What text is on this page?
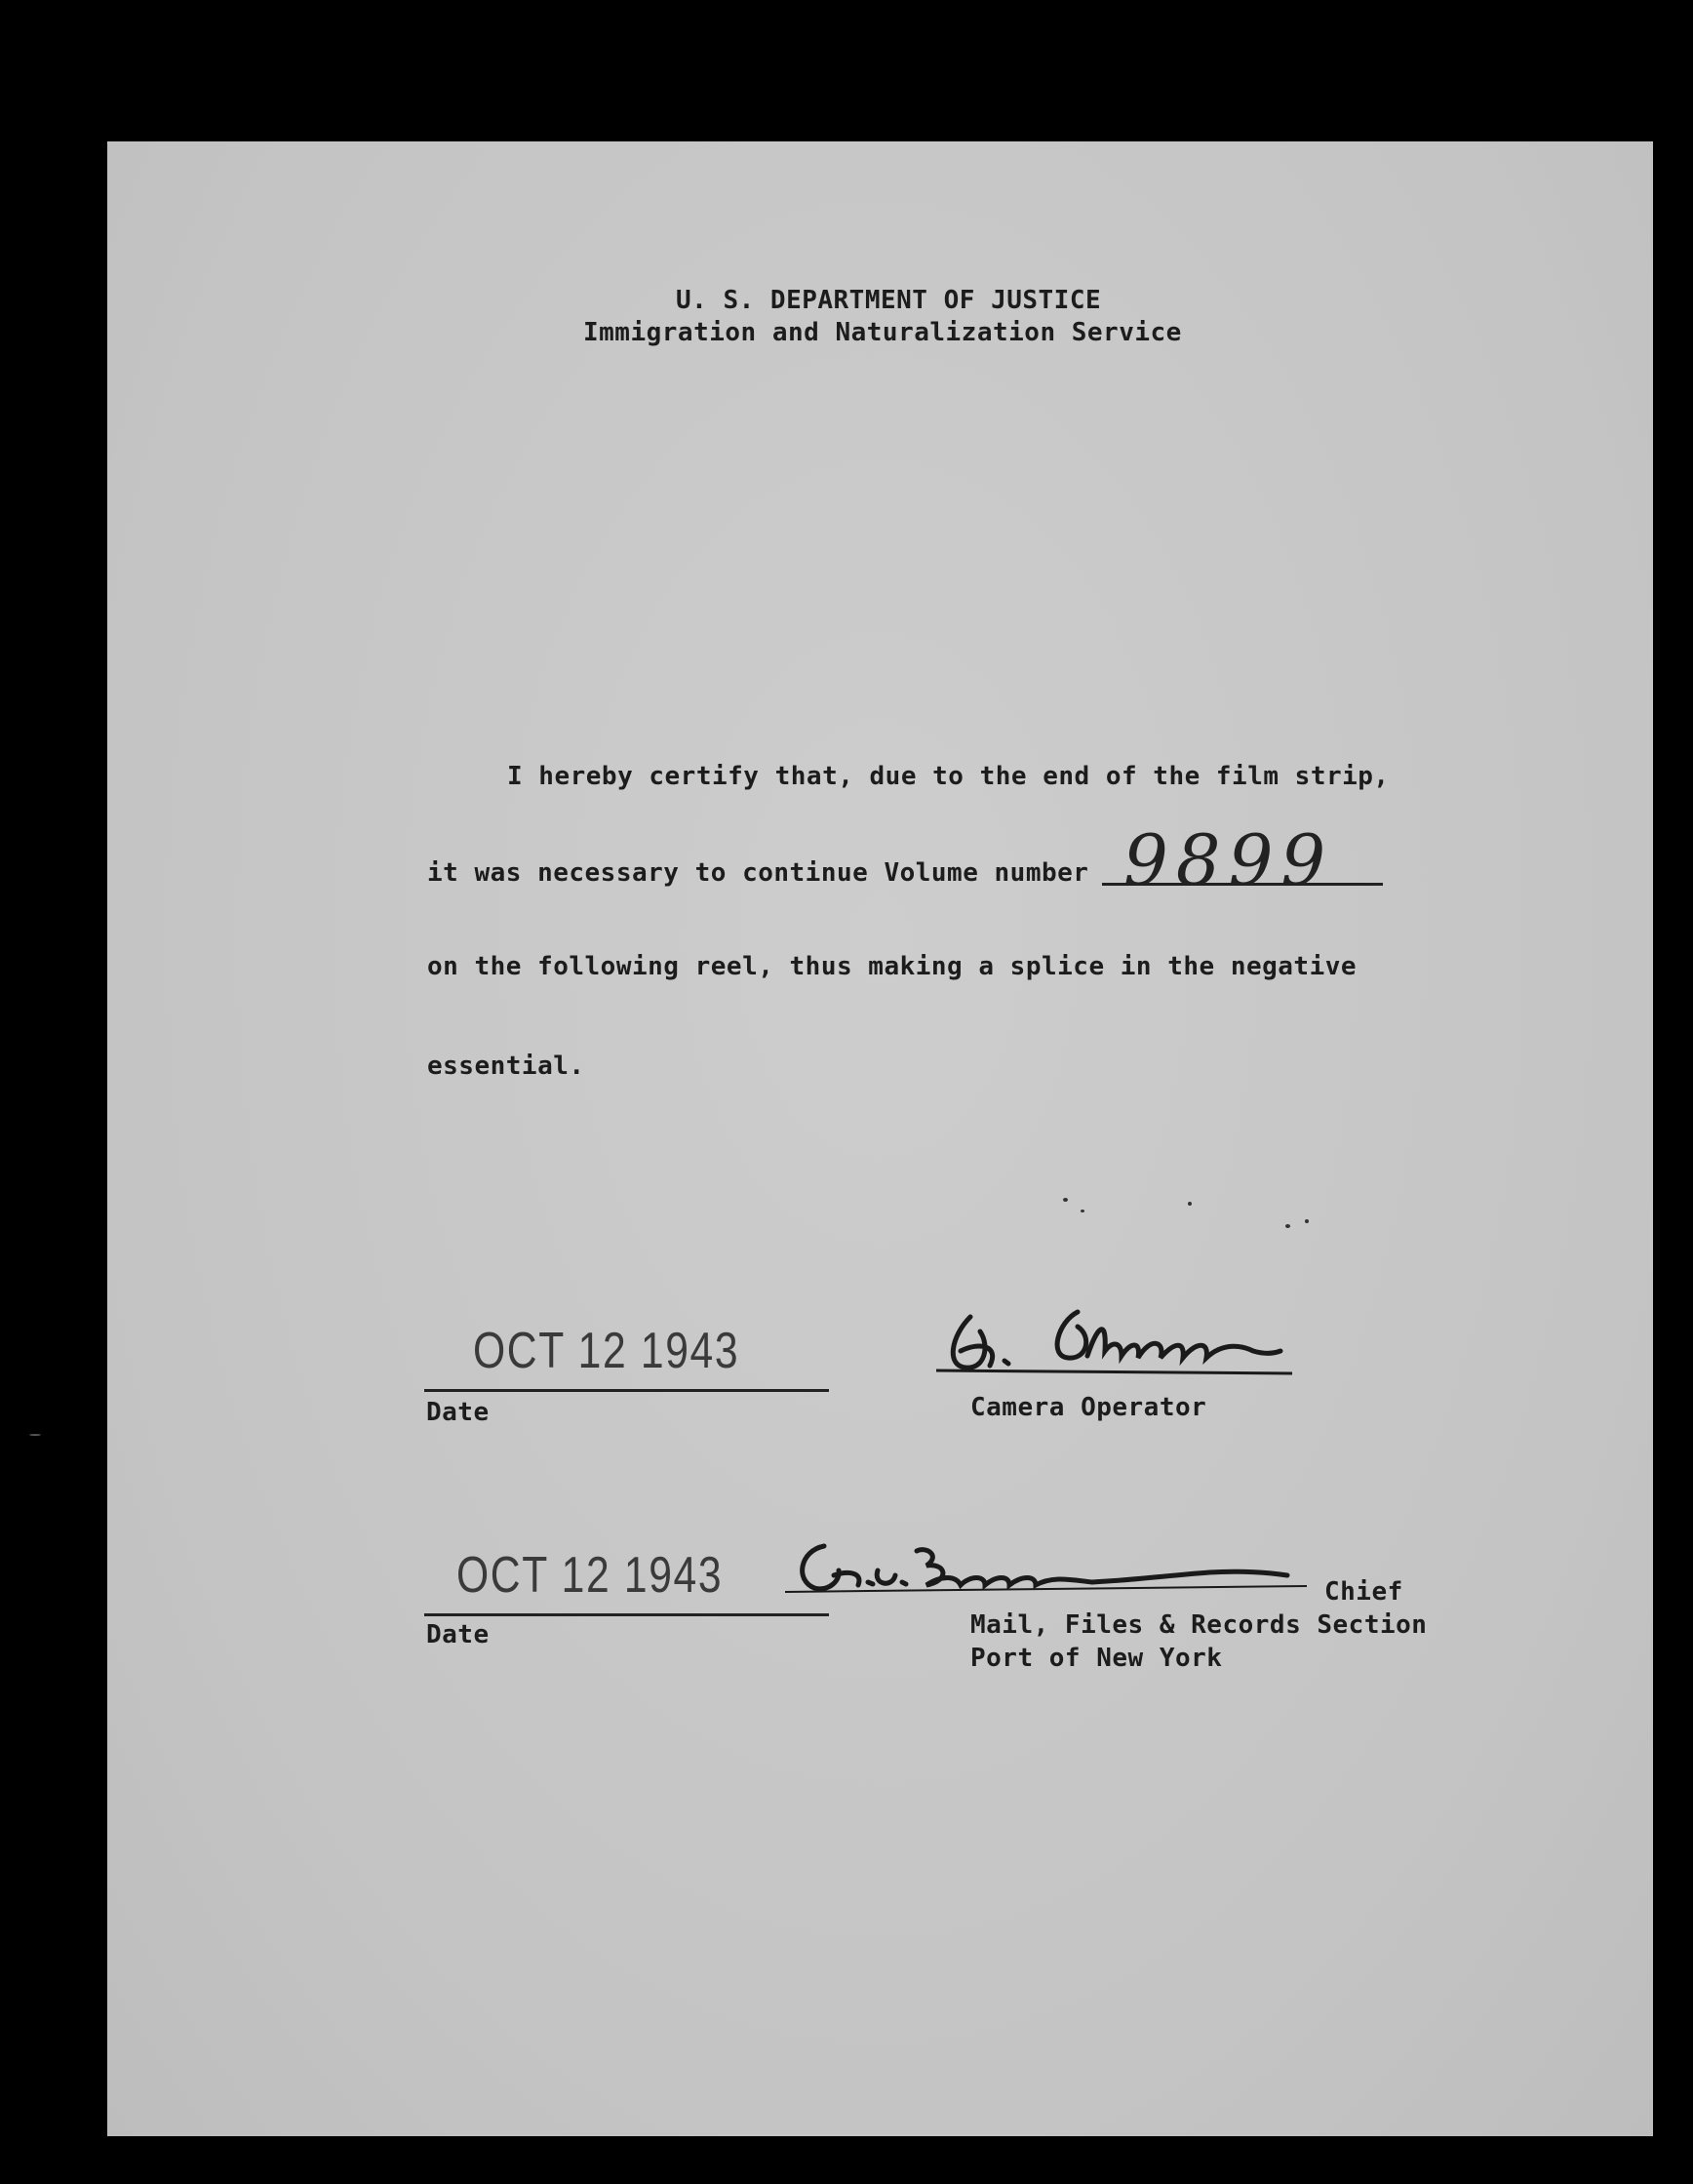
U. S. DEPARTMENT OF JUSTICE
Immigration and Naturalization Service
I hereby certify that, due to the end of the film strip,
it was necessary to continue Volume number 9899
on the following reel, thus making a splice in the negative
essential.
OCT 12 1943
Date	Camera Operator
OCT 12 1943
Date
Chief
Mail, Files & Records Section
Port of New York
